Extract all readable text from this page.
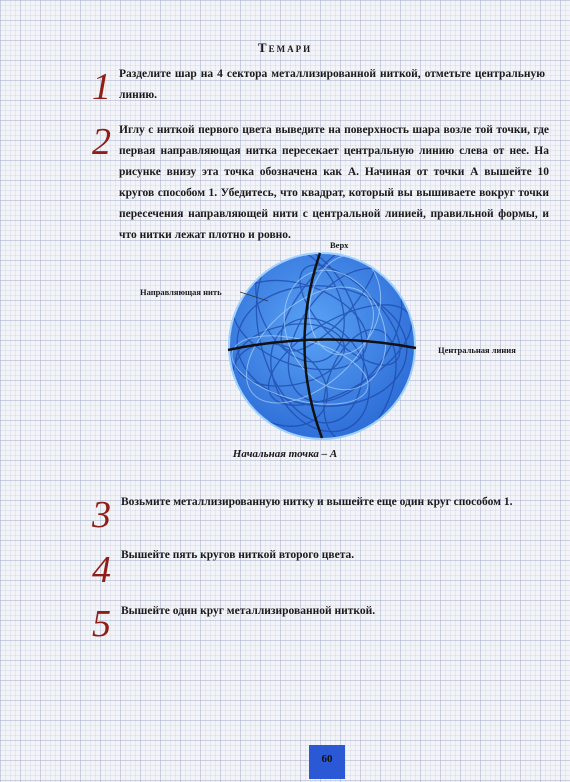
Темари
1 Разделите шар на 4 сектора металлизированной ниткой, отметьте центральную линию.
2 Иглу с ниткой первого цвета выведите на поверхность шара возле той точки, где первая направляющая нитка пересекает центральную линию слева от нее. На рисунке внизу эта точка обозначена как А. Начиная от точки А вышейте 10 кругов способом 1. Убедитесь, что квадрат, который вы вышиваете вокруг точки пересечения направляющей нити с центральной линией, правильной формы, и что нитки лежат плотно и ровно.
Верх
Направляющая нить
Центральная линия
Начальная точка – А
3 Возьмите металлизированную нитку и вышейте еще один круг способом 1.
4 Вышейте пять кругов ниткой второго цвета.
5 Вышейте один круг металлизированной ниткой.
60
